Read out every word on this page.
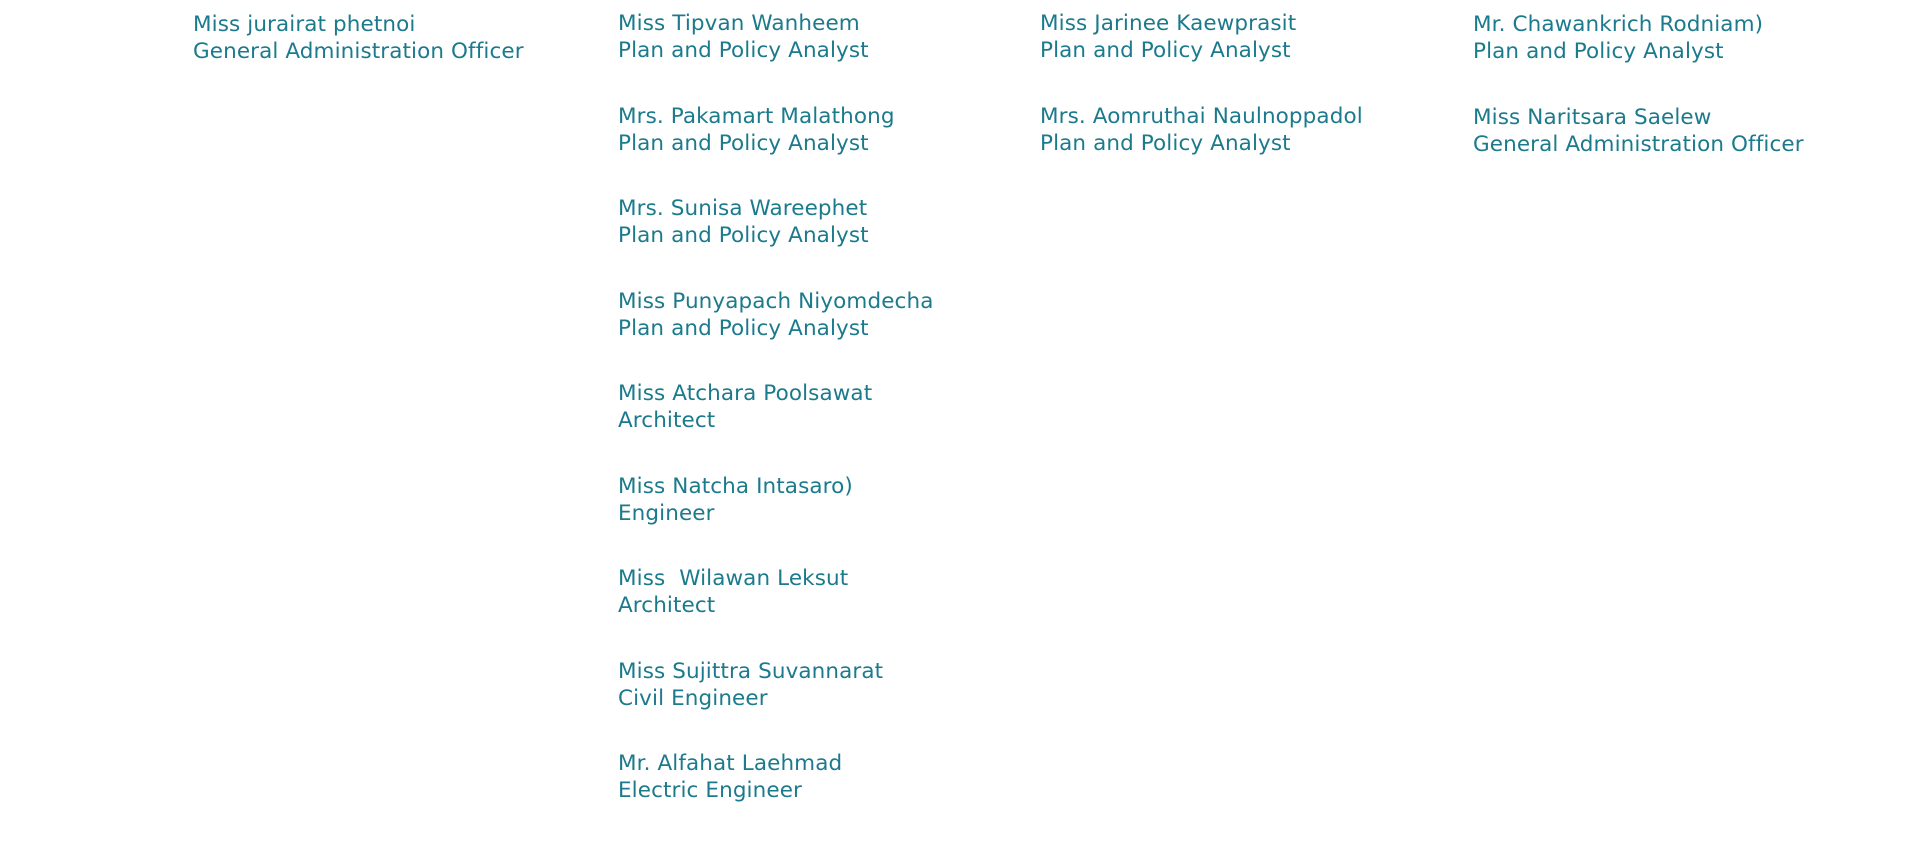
Miss jurairat phetnoi
General Administration Officer
Miss Tipvan Wanheem
Plan and Policy Analyst
Mrs. Pakamart Malathong
Plan and Policy Analyst
Mrs. Sunisa Wareephet
Plan and Policy Analyst
Miss Punyapach Niyomdecha
Plan and Policy Analyst
Miss Atchara Poolsawat
Architect
Miss Natcha Intasaro)
Engineer
Miss  Wilawan Leksut
Architect
Miss Sujittra Suvannarat
Civil Engineer
Mr. Alfahat Laehmad
Electric Engineer
Miss Jarinee Kaewprasit
Plan and Policy Analyst
Mrs. Aomruthai Naulnoppadol
Plan and Policy Analyst
Mr. Chawankrich Rodniam)
Plan and Policy Analyst
Miss Naritsara Saelew
General Administration Officer
